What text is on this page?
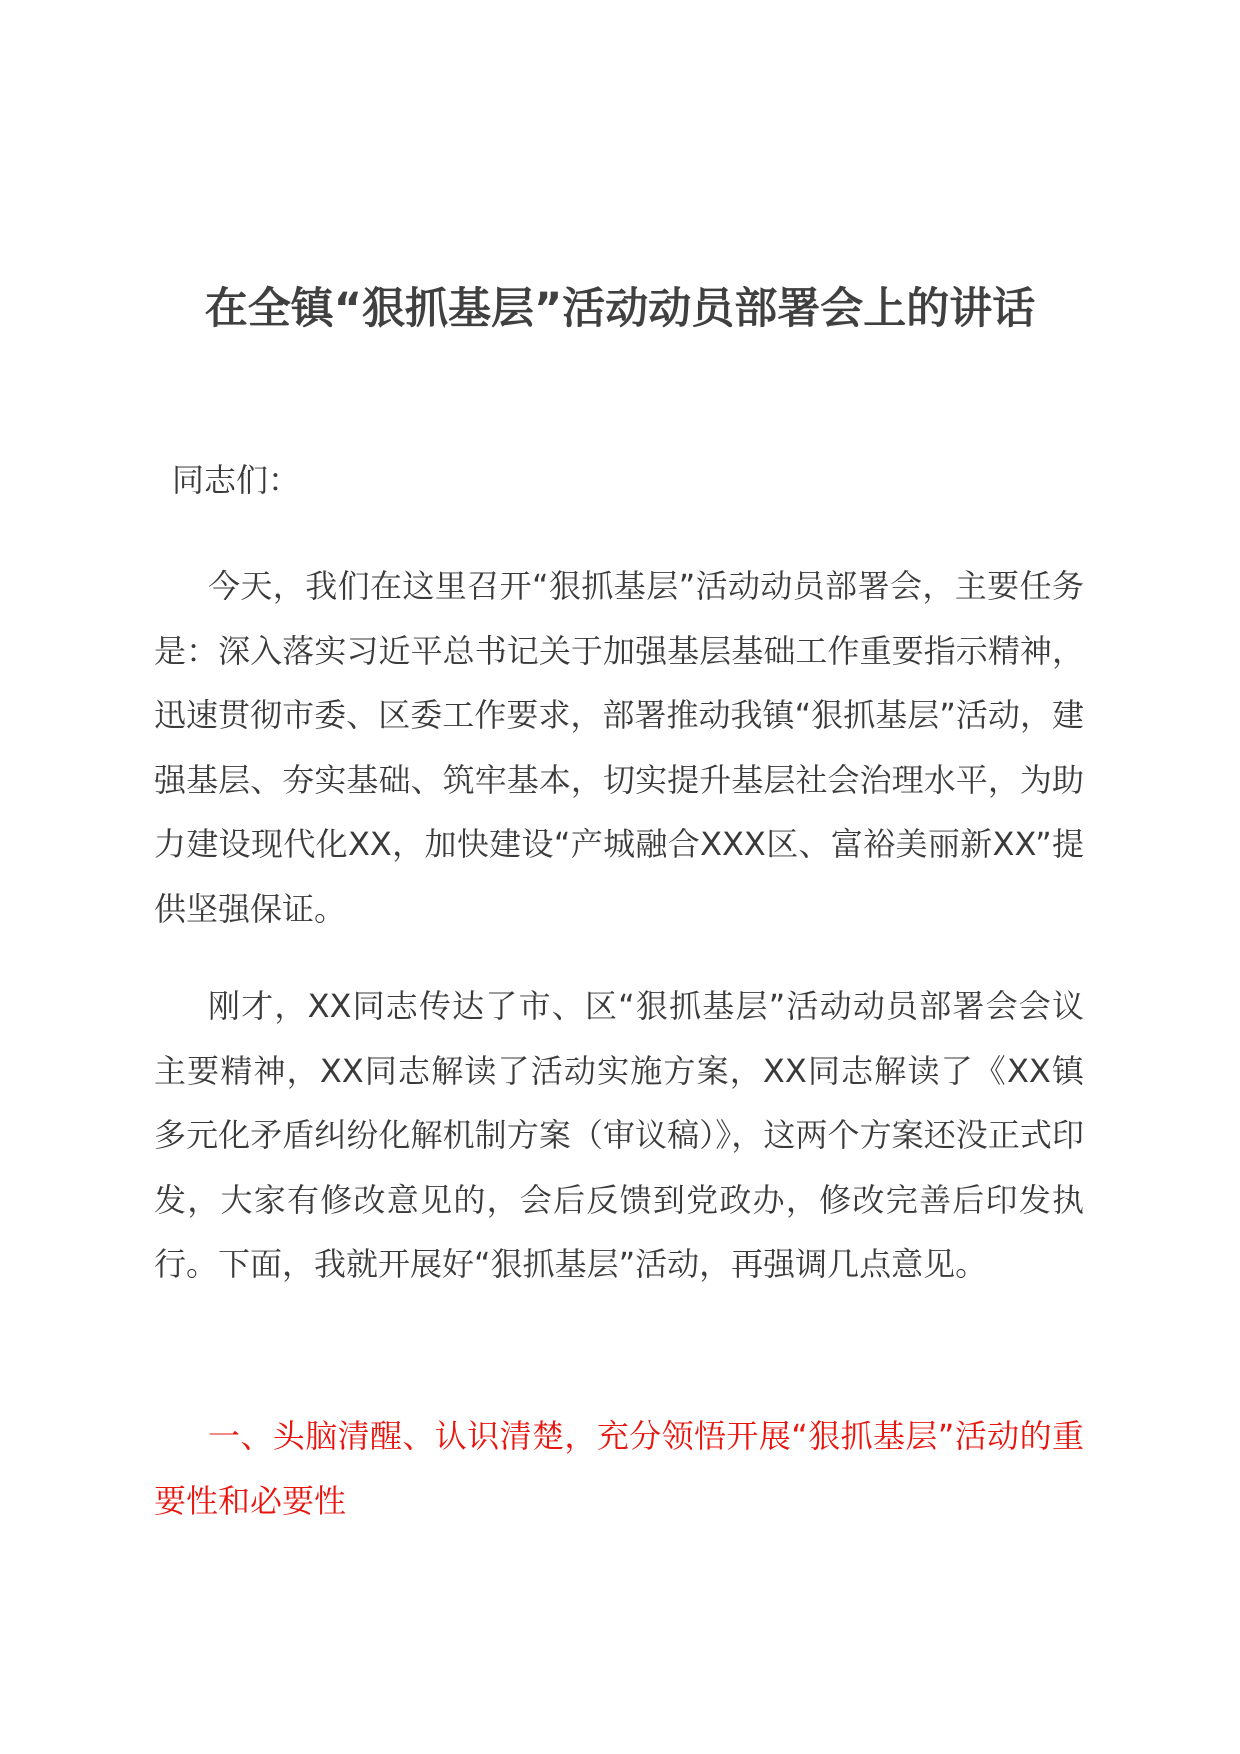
在全镇“狠抓基层”活动动员部署会上的讲话

同志们：

今天，我们在这里召开“狠抓基层”活动动员部署会，主要任务是：深入落实习近平总书记关于加强基层基础工作重要指示精神，迅速贯彻市委、区委工作要求，部署推动我镇“狠抓基层”活动，建强基层、夯实基础、筑牢基本，切实提升基层社会治理水平，为助力建设现代化XX，加快建设“产城融合XXX区、富裕美丽新XX”提供坚强保证。

刚才，XX同志传达了市、区“狠抓基层”活动动员部署会会议主要精神，XX同志解读了活动实施方案，XX同志解读了《XX镇多元化矛盾纠纷化解机制方案（审议稿）》，这两个方案还没正式印发，大家有修改意见的，会后反馈到党政办，修改完善后印发执行。下面，我就开展好“狠抓基层”活动，再强调几点意见。

一、头脑清醒、认识清楚，充分领悟开展“狠抓基层”活动的重要性和必要性
